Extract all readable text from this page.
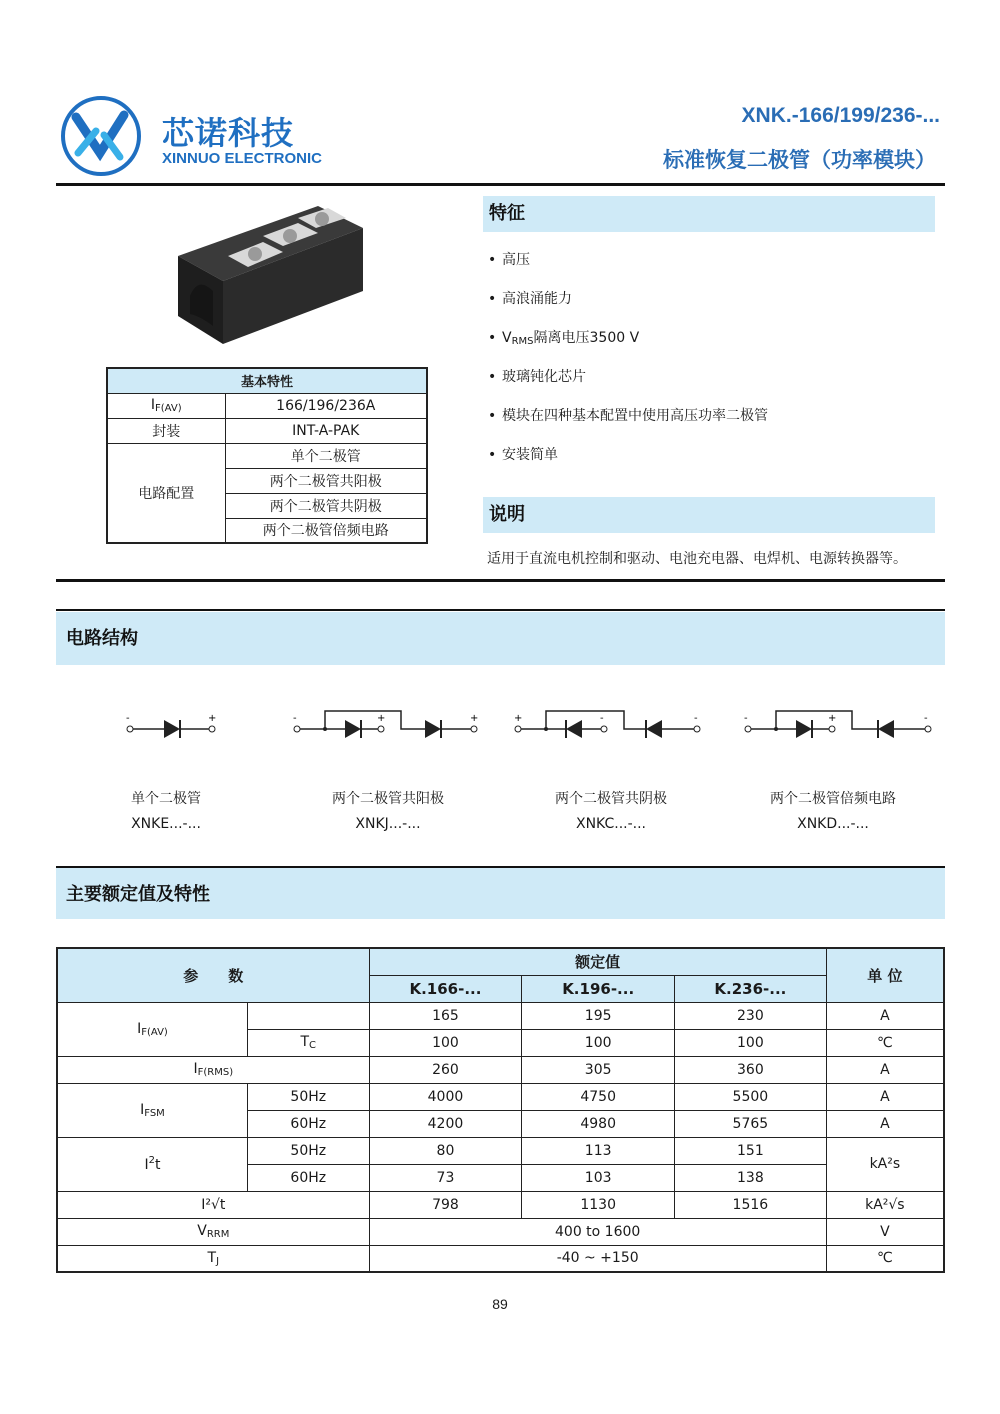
芯诺科技
XINNUO ELECTRONIC
XNK.-166/199/236-...
标准恢复二极管（功率模块）
基本特性	
$I_{F(AV)}$	166/196/236A
封装	INT-A-PAK
电路配置	单个二极管
	两个二极管共阳极
	两个二极管共阴极
	两个二极管倍频电路
特征
• 高压
• 高浪涌能力
• $V_{RMS}$隔离电压3500 V
• 玻璃钝化芯片
• 模块在四种基本配置中使用高压功率二极管
• 安装简单
说明
适用于直流电机控制和驱动、电池充电器、电焊机、电源转换器等。
电路结构
-	+	-	+	+	+	-	-	-	+	-
单个二极管
XNKE...-...
两个二极管共阳极
XNKJ...-...
两个二极管共阴极
XNKC...-...
两个二极管倍频电路
XNKD...-...
主要额定值及特性
参　　数		额定值			单 位
		K.166-...	K.196-...	K.236-...	
$I_{F(AV)}$		165	195	230	A
	$T_C$	100	100	100	℃
$I_{F(RMS)}$		260	305	360	A
$I_{FSM}$	50Hz	4000	4750	5500	A
	60Hz	4200	4980	5765	A
$I^2t$	50Hz	80	113	151	kA²s
	60Hz	73	103	138	
I²√t		798	1130	1516	kA²√s
$V_{RRM}$		400 to 1600			V
$T_J$		-40 ~ +150			℃
89
